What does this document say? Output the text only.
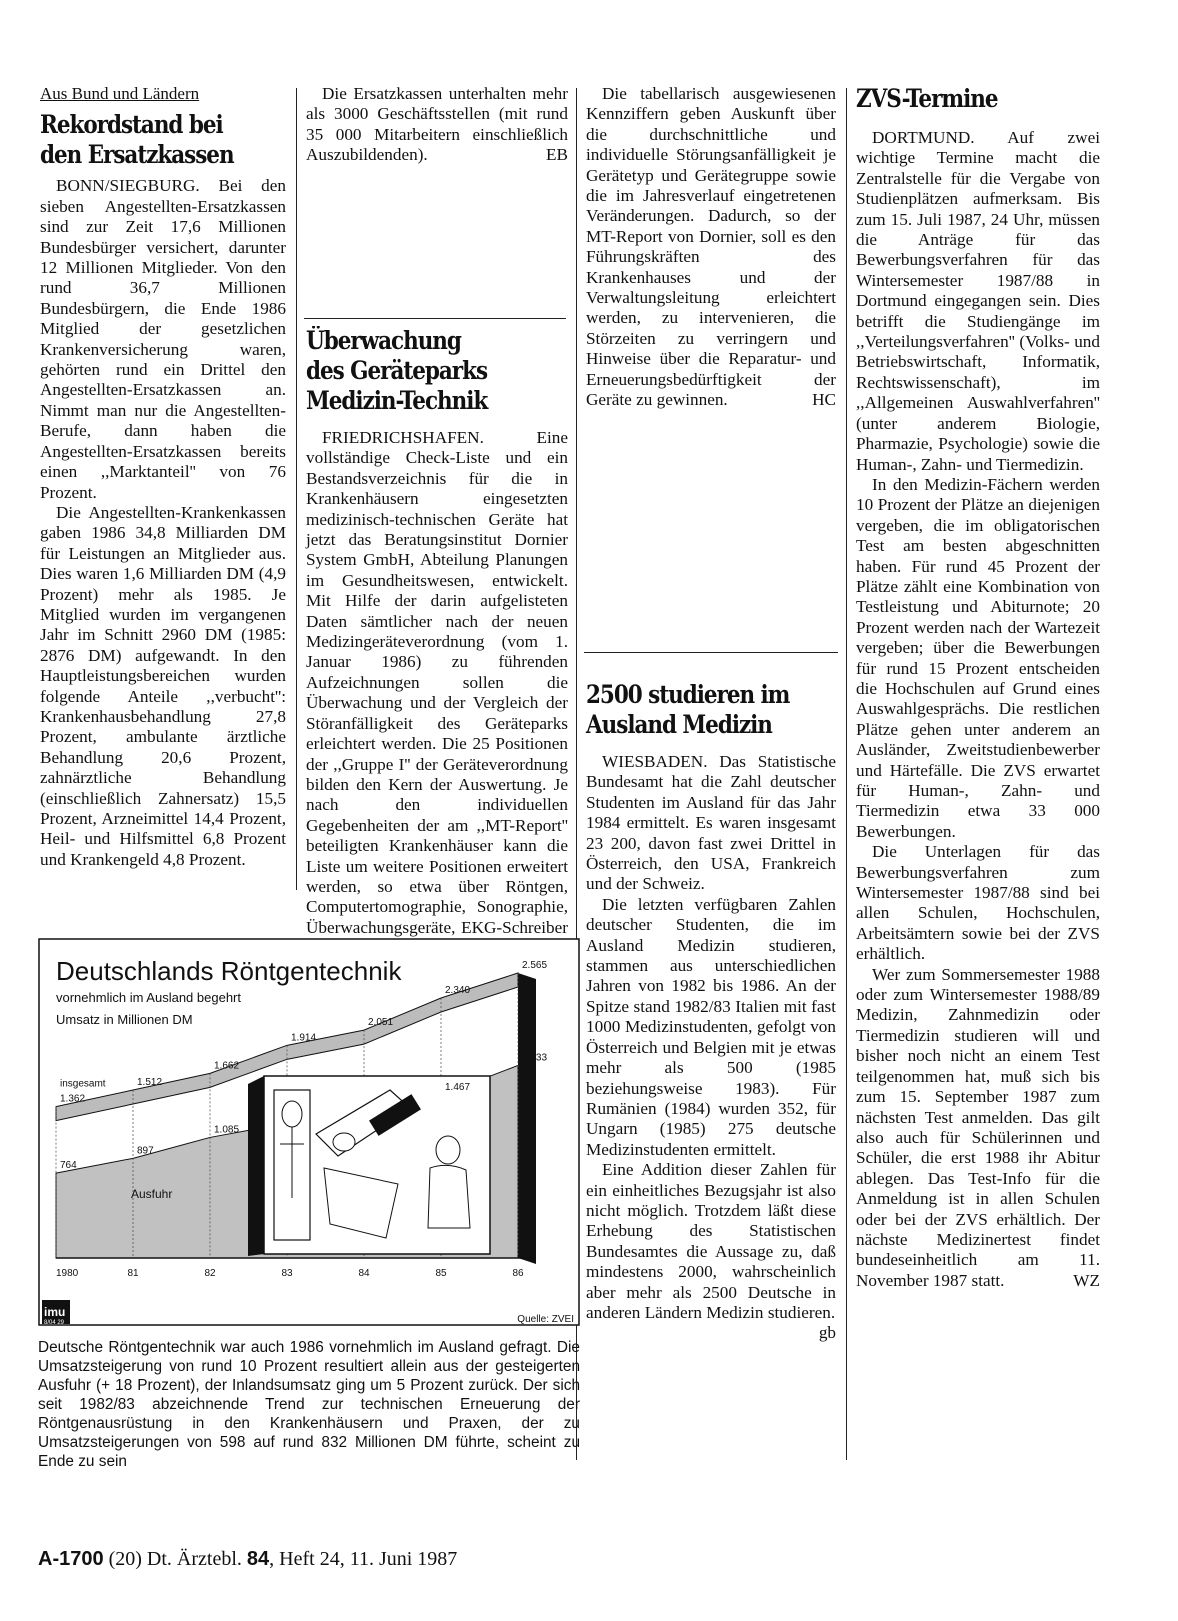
Aus Bund und Ländern
Rekordstand bei
den Ersatzkassen

BONN/SIEGBURG. Bei den sieben Angestellten-Ersatzkassen sind zur Zeit 17,6 Millionen Bundesbürger versichert, darunter 12 Millionen Mitglieder. Von den rund 36,7 Millionen Bundesbürgern, die Ende 1986 Mitglied der gesetzlichen Krankenversicherung waren, gehörten rund ein Drittel den Angestellten-Ersatzkassen an. Nimmt man nur die Angestellten-Berufe, dann haben die Angestellten-Ersatzkassen bereits einen ,,Marktanteil'' von 76 Prozent.

Die Angestellten-Krankenkassen gaben 1986 34,8 Milliarden DM für Leistungen an Mitglieder aus. Dies waren 1,6 Milliarden DM (4,9 Prozent) mehr als 1985. Je Mitglied wurden im vergangenen Jahr im Schnitt 2960 DM (1985: 2876 DM) aufgewandt. In den Hauptleistungsbereichen wurden folgende Anteile ,,verbucht'': Krankenhausbehandlung 27,8 Prozent, ambulante ärztliche Behandlung 20,6 Prozent, zahnärztliche Behandlung (einschließlich Zahnersatz) 15,5 Prozent, Arzneimittel 14,4 Prozent, Heil- und Hilfsmittel 6,8 Prozent und Krankengeld 4,8 Prozent.

Die Ersatzkassen unterhalten mehr als 3000 Geschäftsstellen (mit rund 35 000 Mitarbeitern einschließlich Auszubildenden).	EB

Überwachung
des Geräteparks
Medizin-Technik

FRIEDRICHSHAFEN. Eine vollständige Check-Liste und ein Bestandsverzeichnis für die in Krankenhäusern eingesetzten medizinisch-technischen Geräte hat jetzt das Beratungsinstitut Dornier System GmbH, Abteilung Planungen im Gesundheitswesen, entwickelt. Mit Hilfe der darin aufgelisteten Daten sämtlicher nach der neuen Medizingeräteverordnung (vom 1. Januar 1986) zu führenden Aufzeichnungen sollen die Überwachung und der Vergleich der Störanfälligkeit des Geräteparks erleichtert werden. Die 25 Positionen der ,,Gruppe I'' der Geräteverordnung bilden den Kern der Auswertung. Je nach den individuellen Gegebenheiten der am ,,MT-Report'' beteiligten Krankenhäuser kann die Liste um weitere Positionen erweitert werden, so etwa über Röntgen, Computertomographie, Sonographie, Überwachungsgeräte, EKG-Schreiber

Die tabellarisch ausgewiesenen Kennziffern geben Auskunft über die durchschnittliche und individuelle Störungsanfälligkeit je Gerätetyp und Gerätegruppe sowie die im Jahresverlauf eingetretenen Veränderungen. Dadurch, so der MT-Report von Dornier, soll es den Führungskräften des Krankenhauses und der Verwaltungsleitung erleichtert werden, zu intervenieren, die Störzeiten zu verringern und Hinweise über die Reparatur- und Erneuerungsbedürftigkeit der Geräte zu gewinnen.	HC

2500 studieren im
Ausland Medizin

WIESBADEN. Das Statistische Bundesamt hat die Zahl deutscher Studenten im Ausland für das Jahr 1984 ermittelt. Es waren insgesamt 23 200, davon fast zwei Drittel in Österreich, den USA, Frankreich und der Schweiz.

Die letzten verfügbaren Zahlen deutscher Studenten, die im Ausland Medizin studieren, stammen aus unterschiedlichen Jahren von 1982 bis 1986. An der Spitze stand 1982/83 Italien mit fast 1000 Medizinstudenten, gefolgt von Österreich und Belgien mit je etwas mehr als 500 (1985 beziehungsweise 1983). Für Rumänien (1984) wurden 352, für Ungarn (1985) 275 deutsche Medizinstudenten ermittelt.

Eine Addition dieser Zahlen für ein einheitliches Bezugsjahr ist also nicht möglich. Trotzdem läßt diese Erhebung des Statistischen Bundesamtes die Aussage zu, daß mindestens 2000, wahrscheinlich aber mehr als 2500 Deutsche in anderen Ländern Medizin studieren.
gb

ZVS-Termine

DORTMUND. Auf zwei wichtige Termine macht die Zentralstelle für die Vergabe von Studienplätzen aufmerksam. Bis zum 15. Juli 1987, 24 Uhr, müssen die Anträge für das Bewerbungsverfahren für das Wintersemester 1987/88 in Dortmund eingegangen sein. Dies betrifft die Studiengänge im ,,Verteilungsverfahren'' (Volks- und Betriebswirtschaft, Informatik, Rechtswissenschaft), im ,,Allgemeinen Auswahlverfahren'' (unter anderem Biologie, Pharmazie, Psychologie) sowie die Human-, Zahn- und Tiermedizin.

In den Medizin-Fächern werden 10 Prozent der Plätze an diejenigen vergeben, die im obligatorischen Test am besten abgeschnitten haben. Für rund 45 Prozent der Plätze zählt eine Kombination von Testleistung und Abiturnote; 20 Prozent werden nach der Wartezeit vergeben; über die Bewerbungen für rund 15 Prozent entscheiden die Hochschulen auf Grund eines Auswahlgesprächs. Die restlichen Plätze gehen unter anderem an Ausländer, Zweitstudienbewerber und Härtefälle. Die ZVS erwartet für Human-, Zahn- und Tiermedizin etwa 33 000 Bewerbungen.

Die Unterlagen für das Bewerbungsverfahren zum Wintersemester 1987/88 sind bei allen Schulen, Hochschulen, Arbeitsämtern sowie bei der ZVS erhältlich.

Wer zum Sommersemester 1988 oder zum Wintersemester 1988/89 Medizin, Zahnmedizin oder Tiermedizin studieren will und bisher noch nicht an einem Test teilgenommen hat, muß sich bis zum 15. September 1987 zum nächsten Test anmelden. Das gilt also auch für Schülerinnen und Schüler, die erst 1988 ihr Abitur ablegen. Das Test-Info für die Anmeldung ist in allen Schulen oder bei der ZVS erhältlich. Der nächste Medizinertest findet bundeseinheitlich am 11. November 1987 statt.	WZ

1.362
1.512
1.662
1.914
2.051
2.340
2.565
764
897
1.085
1.467
1.733
insgesamt
Ausfuhr
1980	81	82	83	84	85	86
Deutschlands Röntgentechnik
vornehmlich im Ausland begehrt
Umsatz in Millionen DM
imu
8/04 29	Quelle: ZVEI
Deutsche Röntgentechnik war auch 1986 vornehmlich im Ausland gefragt. Die Umsatzsteigerung von rund 10 Prozent resultiert allein aus der gesteigerten Ausfuhr (+ 18 Prozent), der Inlandsumsatz ging um 5 Prozent zurück. Der sich seit 1982/83 abzeichnende Trend zur technischen Erneuerung der Röntgenausrüstung in den Krankenhäusern und Praxen, der zu Umsatzsteigerungen von 598 auf rund 832 Millionen DM führte, scheint zu Ende zu sein
A-1700 (20) Dt. Ärztebl. 84, Heft 24, 11. Juni 1987
